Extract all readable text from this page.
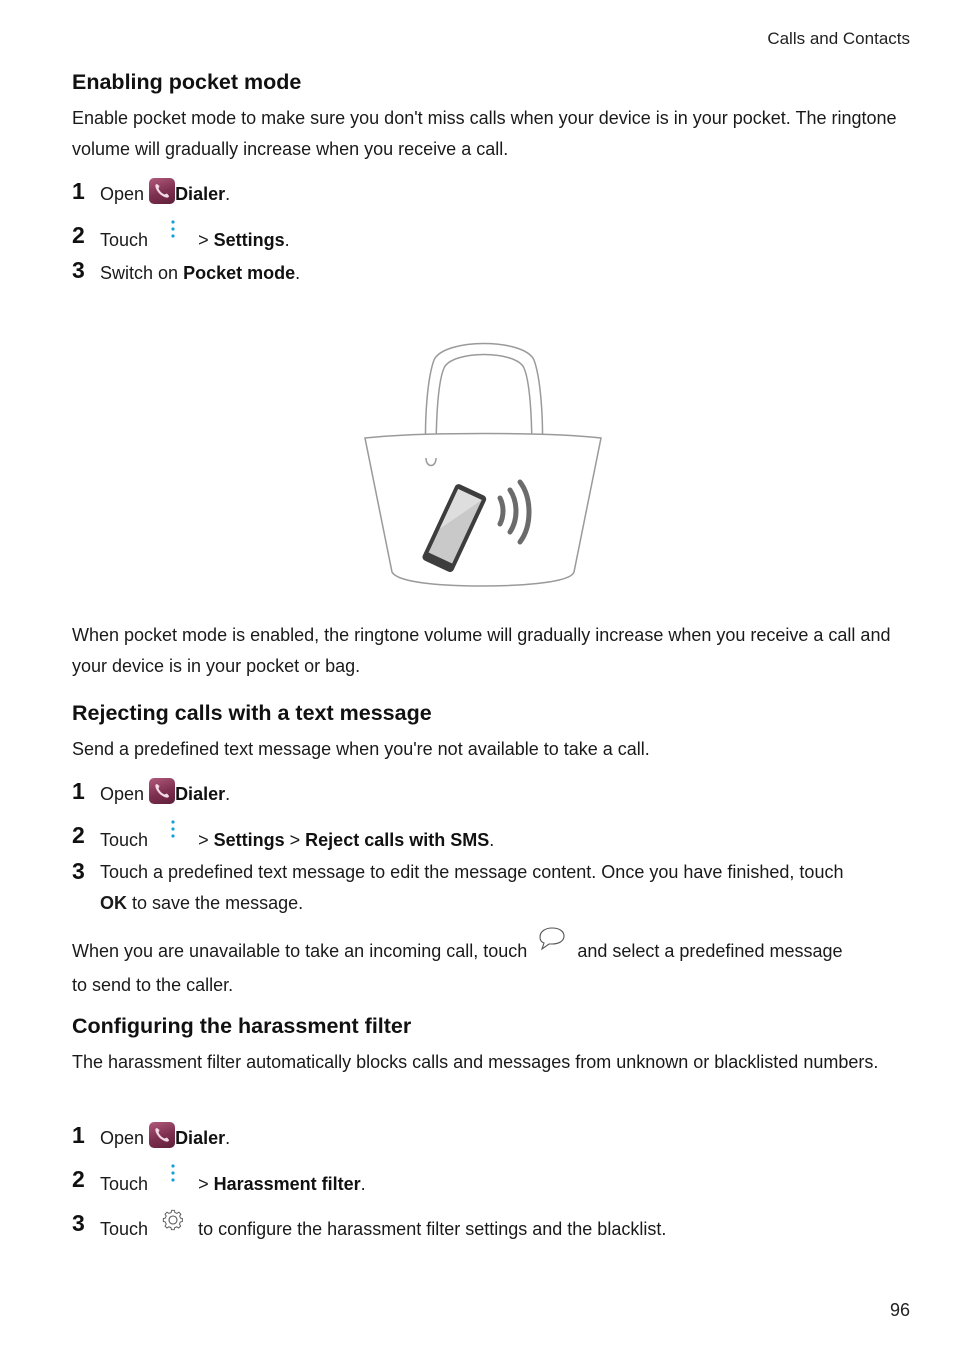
Calls and Contacts
Enabling pocket mode
Enable pocket mode to make sure you don't miss calls when your device is in your pocket. The ringtone volume will gradually increase when you receive a call.
1 Open Dialer.
2 Touch	> Settings.
3 Switch on Pocket mode.
When pocket mode is enabled, the ringtone volume will gradually increase when you receive a call and your device is in your pocket or bag.
Rejecting calls with a text message
Send a predefined text message when you're not available to take a call.
1 Open Dialer.
2 Touch	> Settings > Reject calls with SMS.
3 Touch a predefined text message to edit the message content. Once you have finished, touch
OK to save the message.
When you are unavailable to take an incoming call, touch	and select a predefined message
to send to the caller.
Configuring the harassment filter
The harassment filter automatically blocks calls and messages from unknown or blacklisted numbers.
1 Open Dialer.
2 Touch	> Harassment filter.
3 Touch	to configure the harassment filter settings and the blacklist.
96
